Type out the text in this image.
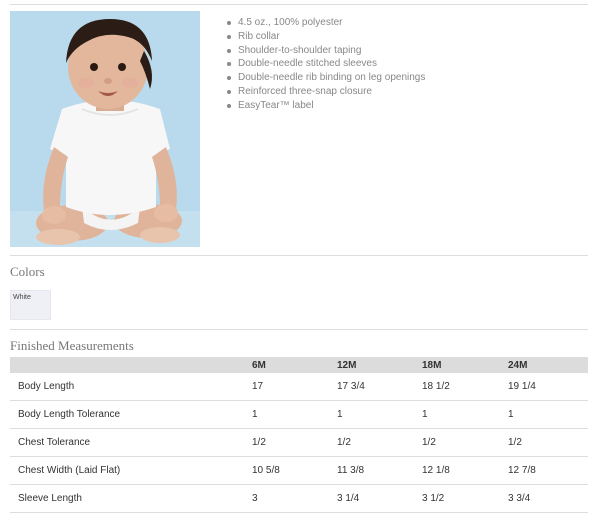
4.5 oz., 100% polyester
Rib collar
Shoulder-to-shoulder taping
Double-needle stitched sleeves
Double-needle rib binding on leg openings
Reinforced three-snap closure
EasyTear™ label
Colors
White
Finished Measurements
	6M	12M	18M	24M
Body Length	17	17 3/4	18 1/2	19 1/4
Body Length Tolerance	1	1	1	1
Chest Tolerance	1/2	1/2	1/2	1/2
Chest Width (Laid Flat)	10 5/8	11 3/8	12 1/8	12 7/8
Sleeve Length	3	3 1/4	3 1/2	3 3/4
